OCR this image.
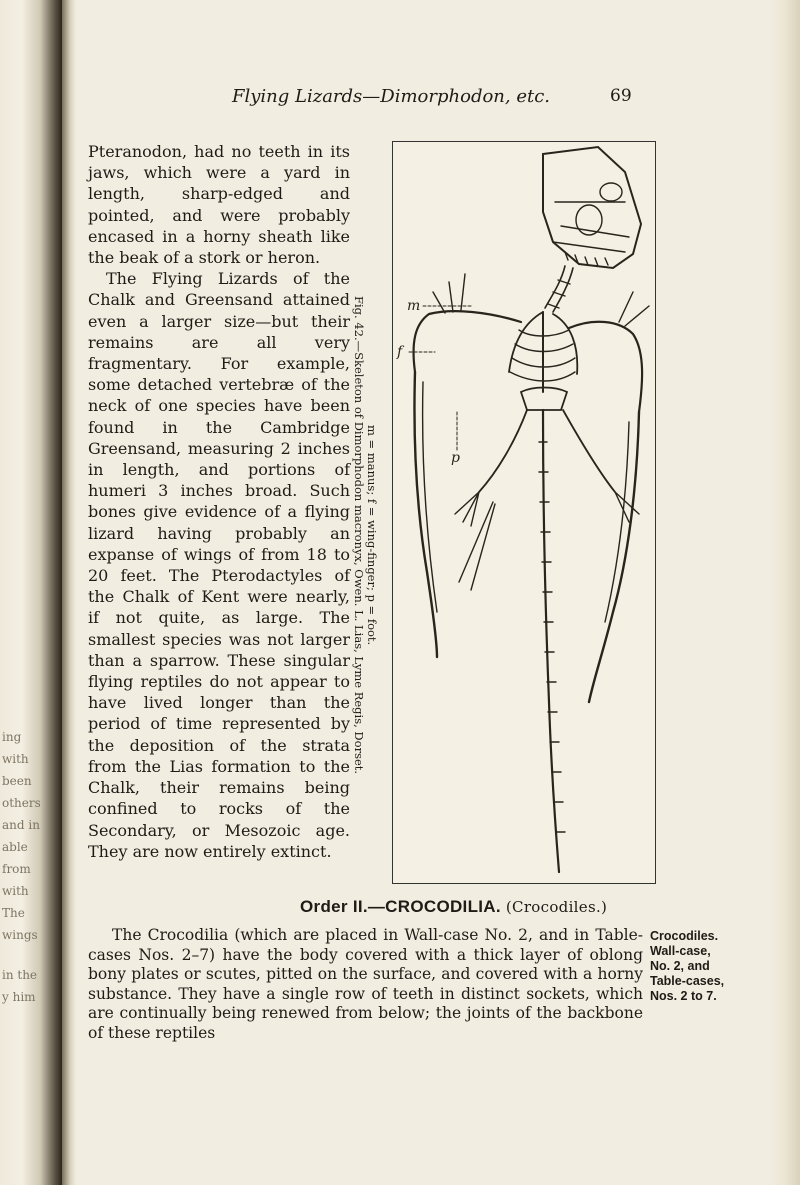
ing
with
been
others
and in
able
from
with
The
wings
in the
y him
Flying Lizards—Dimorphodon, etc.	69

Pteranodon, had no teeth in its jaws, which were a yard in length, sharp-edged and pointed, and were probably encased in a horny sheath like the beak of a stork or heron.

The Flying Lizards of the Chalk and Greensand attained even a larger size—but their remains are all very fragmentary. For example, some detached vertebræ of the neck of one species have been found in the Cambridge Greensand, measuring 2 inches in length, and portions of humeri 3 inches broad. Such bones give evidence of a flying lizard having probably an expanse of wings of from 18 to 20 feet. The Pterodactyles of the Chalk of Kent were nearly, if not quite, as large. The smallest species was not larger than a sparrow. These singular flying reptiles do not appear to have lived longer than the period of time represented by the deposition of the strata from the Lias formation to the Chalk, their remains being confined to rocks of the Secondary, or Mesozoic age. They are now entirely extinct.

Fig. 42.—Skeleton of Dimorphodon macronyx, Owen. L. Lias, Lyme Regis, Dorset. m = manus; f = wing-finger; p = foot.
m
f
p
Order II.—CROCODILIA. (Crocodiles.)

The Crocodilia (which are placed in Wall-case No. 2, and in Table-cases Nos. 2–7) have the body covered with a thick layer of oblong bony plates or scutes, pitted on the surface, and covered with a horny substance. They have a single row of teeth in distinct sockets, which are continually being renewed from below; the joints of the backbone of these reptiles

Crocodiles.
Wall-case,
No. 2, and
Table-cases,
Nos. 2 to 7.
